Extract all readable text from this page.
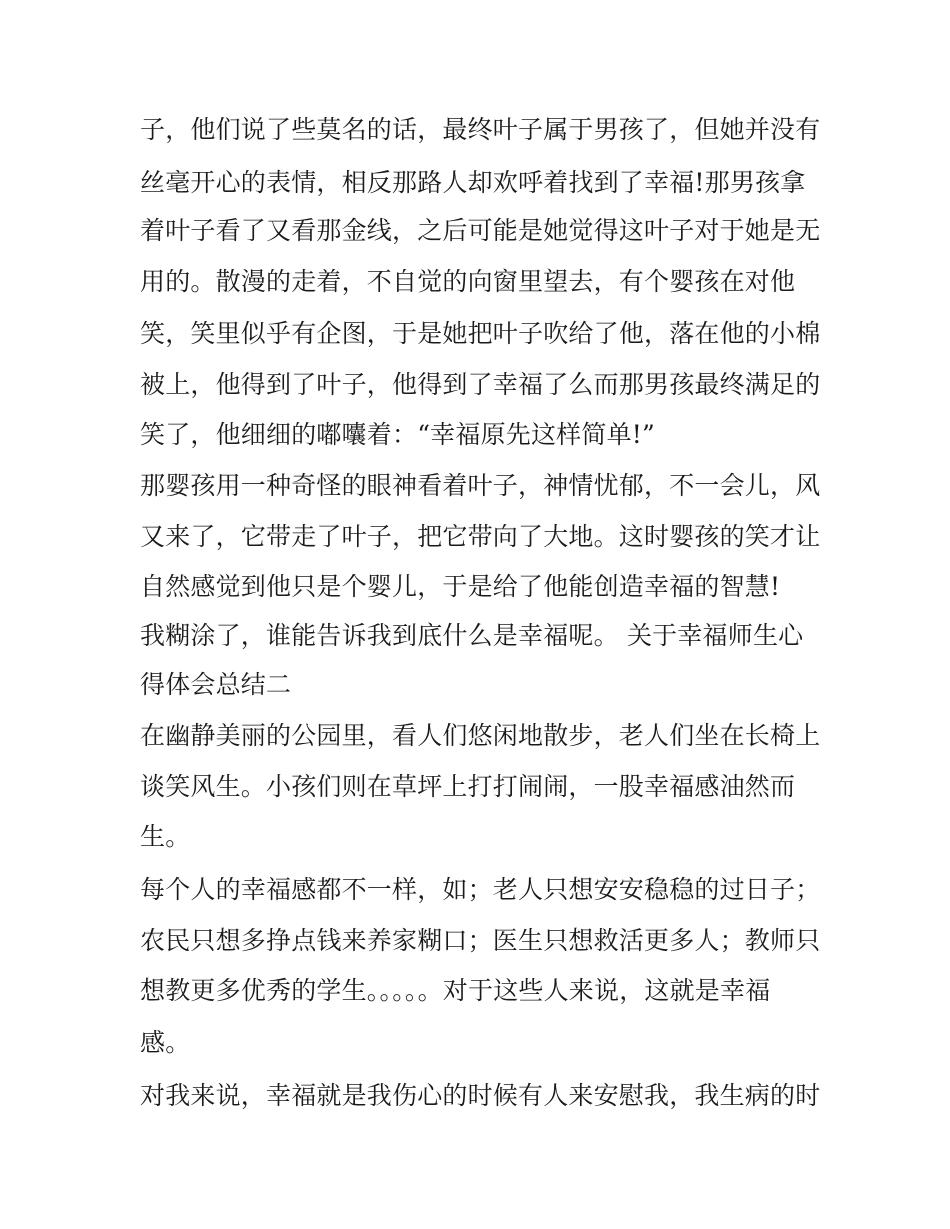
子，他们说了些莫名的话，最终叶子属于男孩了，但她并没有

丝毫开心的表情，相反那路人却欢呼着找到了幸福!那男孩拿

着叶子看了又看那金线，之后可能是她觉得这叶子对于她是无

用的。散漫的走着，不自觉的向窗里望去，有个婴孩在对他

笑，笑里似乎有企图，于是她把叶子吹给了他，落在他的小棉

被上，他得到了叶子，他得到了幸福了么而那男孩最终满足的

笑了，他细细的嘟囔着：“幸福原先这样简单!”

那婴孩用一种奇怪的眼神看着叶子，神情忧郁，不一会儿，风

又来了，它带走了叶子，把它带向了大地。这时婴孩的笑才让

自然感觉到他只是个婴儿，于是给了他能创造幸福的智慧!

我糊涂了，谁能告诉我到底什么是幸福呢。 关于幸福师生心

得体会总结二

在幽静美丽的公园里，看人们悠闲地散步，老人们坐在长椅上

谈笑风生。小孩们则在草坪上打打闹闹，一股幸福感油然而

生。

每个人的幸福感都不一样，如；老人只想安安稳稳的过日子；

农民只想多挣点钱来养家糊口；医生只想救活更多人；教师只

想教更多优秀的学生。。。。。对于这些人来说，这就是幸福

感。

对我来说，幸福就是我伤心的时候有人来安慰我，我生病的时
